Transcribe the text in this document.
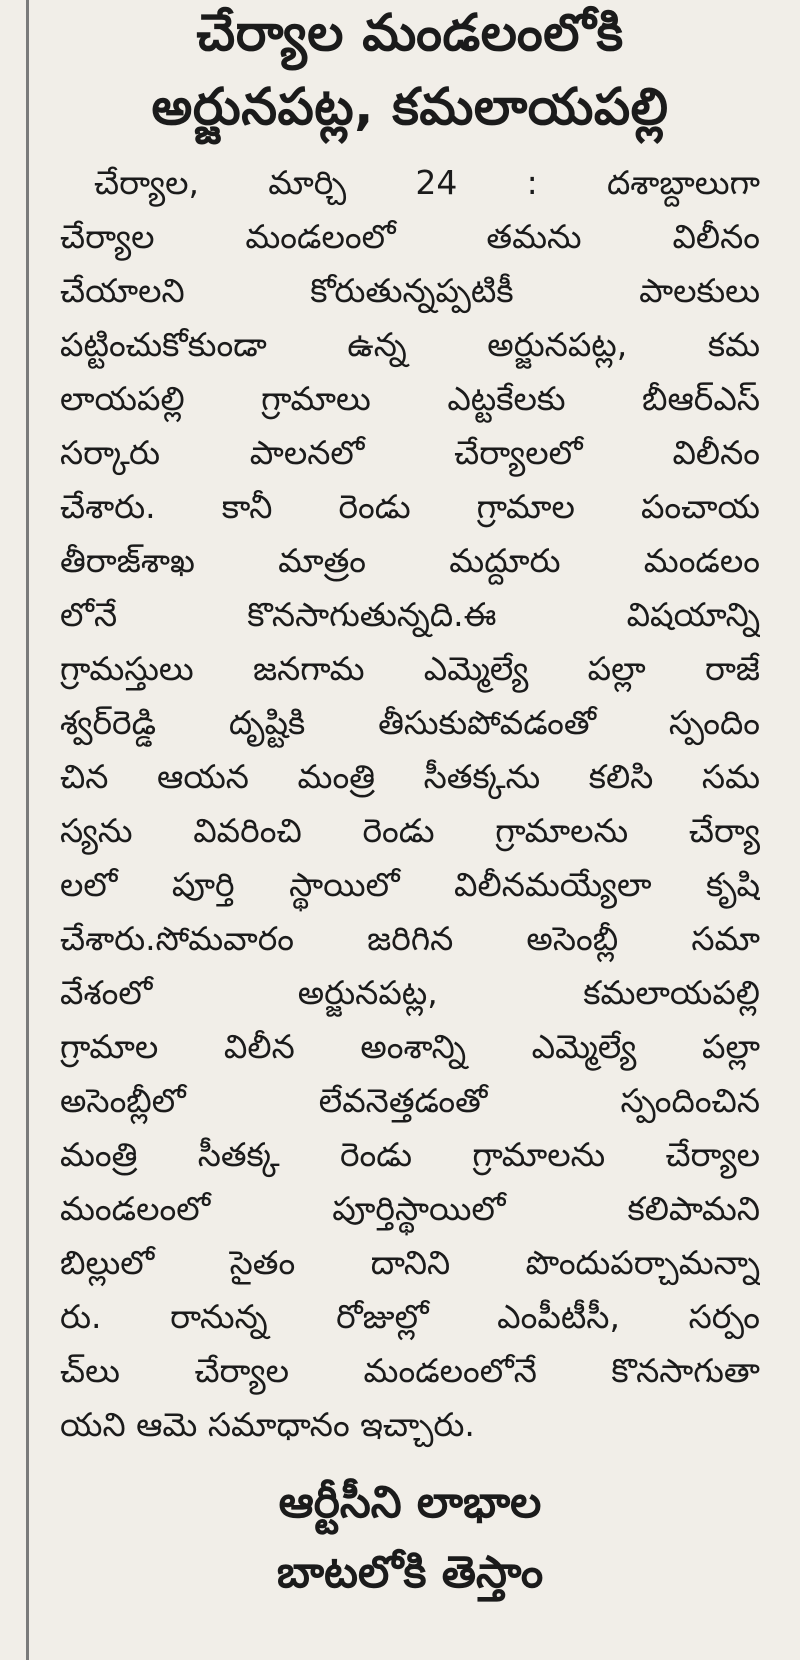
చేర్యాల మండలంలోకి
అర్జునపట్ల, కమలాయపల్లి
చేర్యాల, మార్చి 24 : దశాబ్దాలుగా
చేర్యాల మండలంలో తమను విలీనం
చేయాలని కోరుతున్నప్పటికీ పాలకులు
పట్టించుకోకుండా ఉన్న అర్జునపట్ల, కమ
లాయపల్లి గ్రామాలు ఎట్టకేలకు బీఆర్ఎస్
సర్కారు పాలనలో చేర్యాలలో విలీనం
చేశారు. కానీ రెండు గ్రామాల పంచాయ
తీరాజ్‌శాఖ మాత్రం మద్దూరు మండలం
లోనే కొనసాగుతున్నది.ఈ విషయాన్ని
గ్రామస్తులు జనగామ ఎమ్మెల్యే పల్లా రాజే
శ్వర్‌రెడ్డి దృష్టికి తీసుకుపోవడంతో స్పందిం
చిన ఆయన మంత్రి సీతక్కను కలిసి సమ
స్యను వివరించి రెండు గ్రామాలను చేర్యా
లలో పూర్తి స్థాయిలో విలీనమయ్యేలా కృషి
చేశారు.సోమవారం జరిగిన అసెంబ్లీ సమా
వేశంలో అర్జునపట్ల, కమలాయపల్లి
గ్రామాల విలీన అంశాన్ని ఎమ్మెల్యే పల్లా
అసెంబ్లీలో లేవనెత్తడంతో స్పందించిన
మంత్రి సీతక్క రెండు గ్రామాలను చేర్యాల
మండలంలో పూర్తిస్థాయిలో కలిపామని
బిల్లులో సైతం దానిని పొందుపర్చామన్నా
రు. రానున్న రోజుల్లో ఎంపీటీసీ, సర్పం
చ్‌లు చేర్యాల మండలంలోనే కొనసాగుతా
యని ఆమె సమాధానం ఇచ్చారు.
ఆర్టీసీని లాభాల
బాటలోకి తెస్తాం
